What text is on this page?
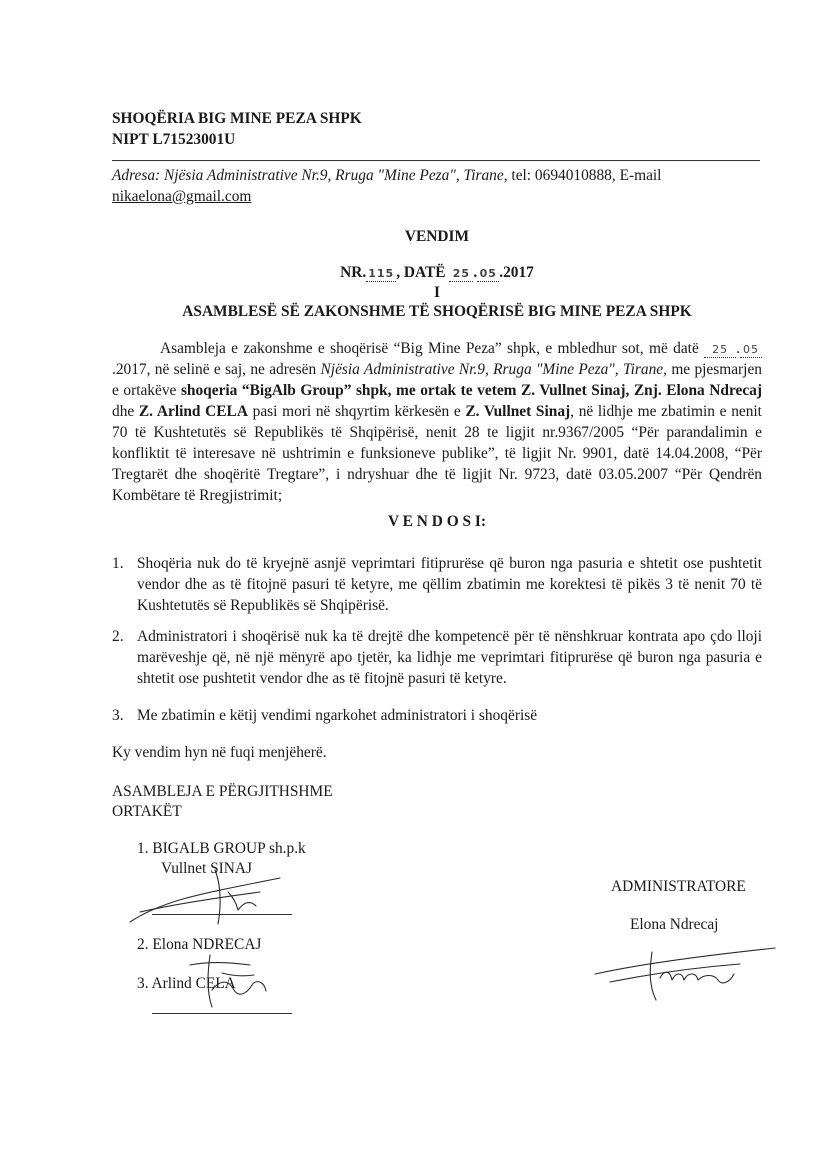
SHOQËRIA BIG MINE PEZA SHPK
NIPT L71523001U
Adresa: Njësia Administrative Nr.9, Rruga "Mine Peza", Tirane, tel: 0694010888, E-mail
nikaelona@gmail.com
VENDIM
NR. 115 , DATË 25 . 05 .2017
I
ASAMBLESË SË ZAKONSHME TË SHOQËRISË BIG MINE PEZA SHPK
Asambleja e zakonshme e shoqërisë “Big Mine Peza” shpk, e mbledhur sot, më datë 25 . 05.2017, në selinë e saj, ne adresën Njësia Administrative Nr.9, Rruga "Mine Peza", Tirane, me pjesmarjen e ortakëve shoqeria “BigAlb Group” shpk, me ortak te vetem Z. Vullnet Sinaj, Znj. Elona Ndrecaj dhe Z. Arlind CELA pasi mori në shqyrtim kërkesën e Z. Vullnet Sinaj, në lidhje me zbatimin e nenit 70 të Kushtetutës së Republikës të Shqipërisë, nenit 28 te ligjit nr.9367/2005 “Për parandalimin e konfliktit të interesave në ushtrimin e funksioneve publike”, të ligjit Nr. 9901, datë 14.04.2008, “Për Tregtarët dhe shoqëritë Tregtare”, i ndryshuar dhe të ligjit Nr. 9723, datë 03.05.2007 “Për Qendrën Kombëtare të Rregjistrimit;
V E N D O S I:
1. Shoqëria nuk do të kryejnë asnjë veprimtari fitiprurëse që buron nga pasuria e shtetit ose pushtetit vendor dhe as të fitojnë pasuri të ketyre, me qëllim zbatimin me korektesi të pikës 3 të nenit 70 të Kushtetutës së Republikës së Shqipërisë.
2. Administratori i shoqërisë nuk ka të drejtë dhe kompetencë për të nënshkruar kontrata apo çdo lloji marëveshje që, në një mënyrë apo tjetër, ka lidhje me veprimtari fitiprurëse që buron nga pasuria e shtetit ose pushtetit vendor dhe as të fitojnë pasuri të ketyre.
3. Me zbatimin e këtij vendimi ngarkohet administratori i shoqërisë
Ky vendim hyn në fuqi menjëherë.
ASAMBLEJA E PËRGJITHSHME
ORTAKËT
1. BIGALB GROUP sh.p.k
Vullnet SINAJ
2. Elona NDRECAJ
3. Arlind CELA
ADMINISTRATORE
Elona Ndrecaj
